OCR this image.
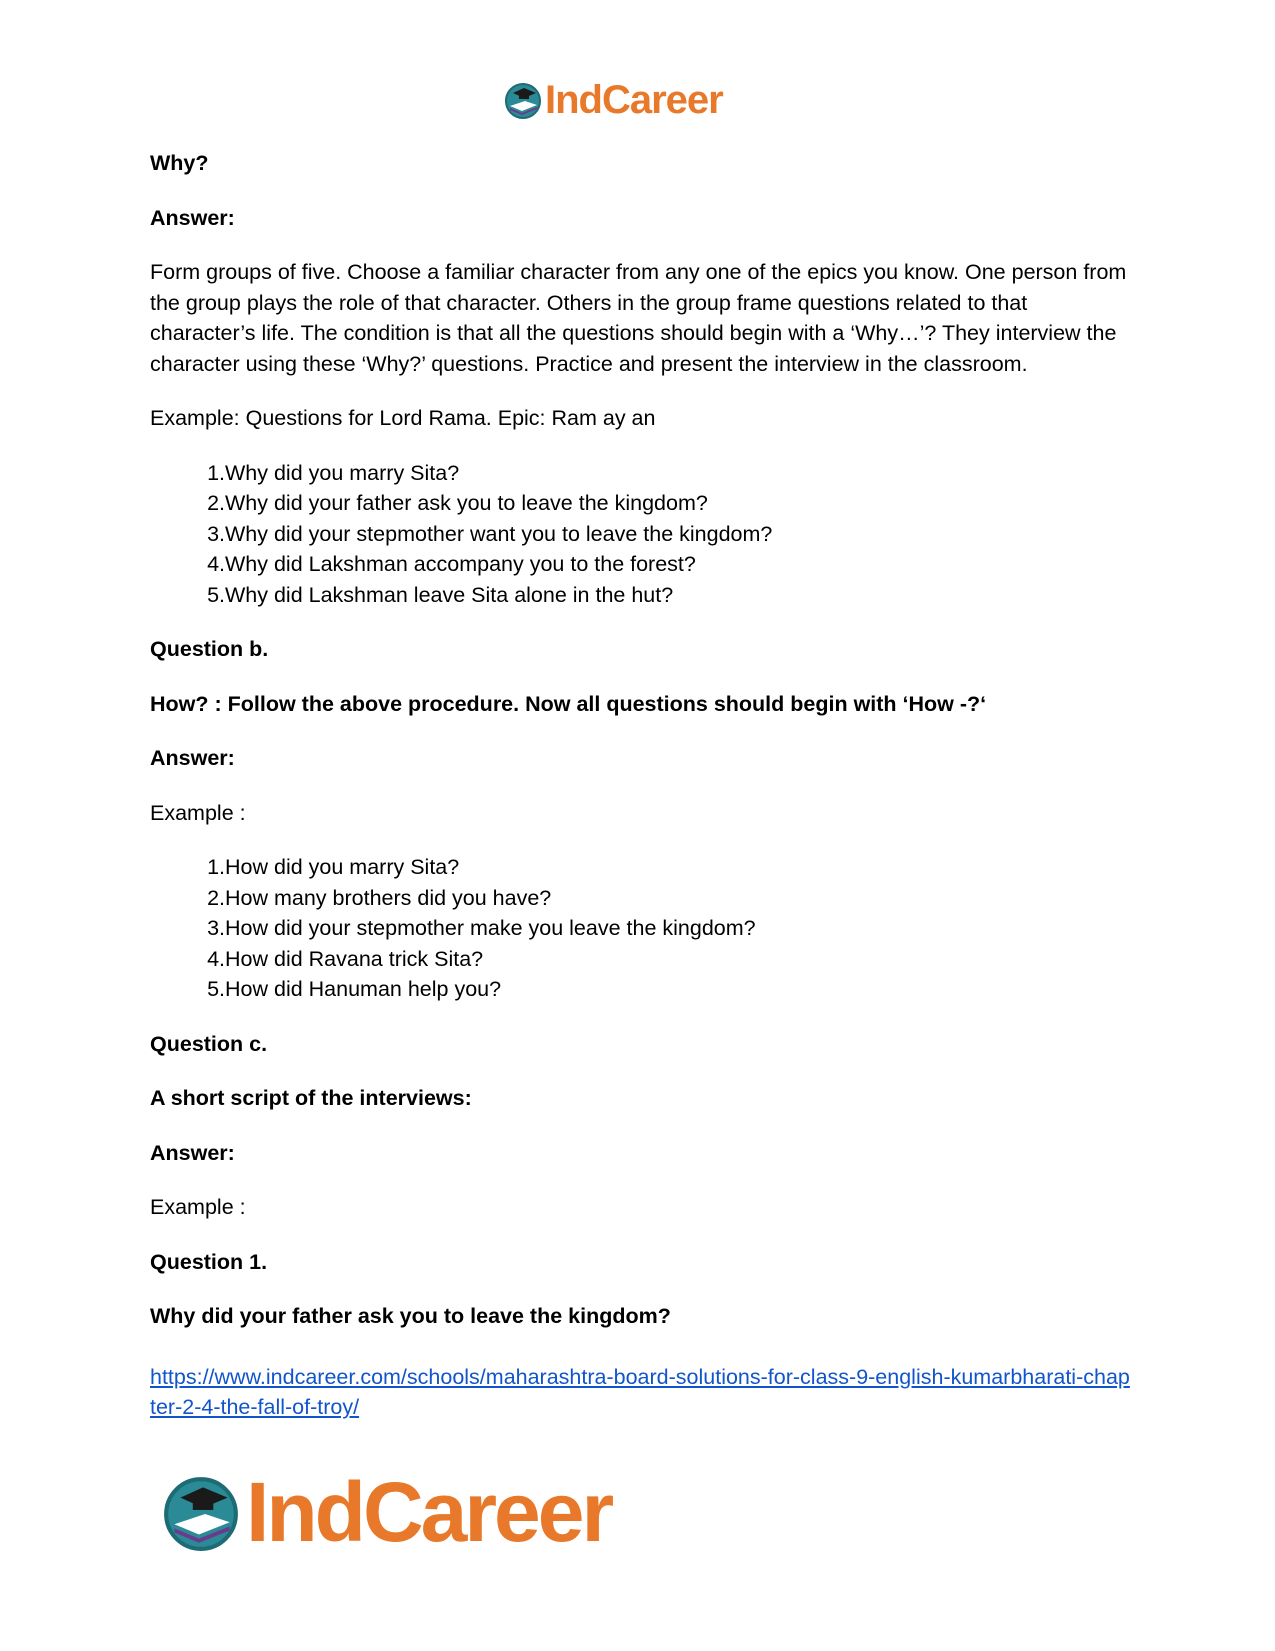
IndCareer

Why?

Answer:

Form groups of five. Choose a familiar character from any one of the epics you know. One person from the group plays the role of that character. Others in the group frame questions related to that character’s life. The condition is that all the questions should begin with a ‘Why…’? They interview the character using these ‘Why?’ questions. Practice and present the interview in the classroom.

Example: Questions for Lord Rama. Epic: Ram ay an

1. Why did you marry Sita?
2. Why did your father ask you to leave the kingdom?
3. Why did your stepmother want you to leave the kingdom?
4. Why did Lakshman accompany you to the forest?
5. Why did Lakshman leave Sita alone in the hut?

Question b.

How? : Follow the above procedure. Now all questions should begin with ‘How -?‘

Answer:

Example :

1. How did you marry Sita?
2. How many brothers did you have?
3. How did your stepmother make you leave the kingdom?
4. How did Ravana trick Sita?
5. How did Hanuman help you?

Question c.

A short script of the interviews:

Answer:

Example :

Question 1.

Why did your father ask you to leave the kingdom?

https://www.indcareer.com/schools/maharashtra-board-solutions-for-class-9-english-kumarbharati-chapter-2-4-the-fall-of-troy/
IndCareer
